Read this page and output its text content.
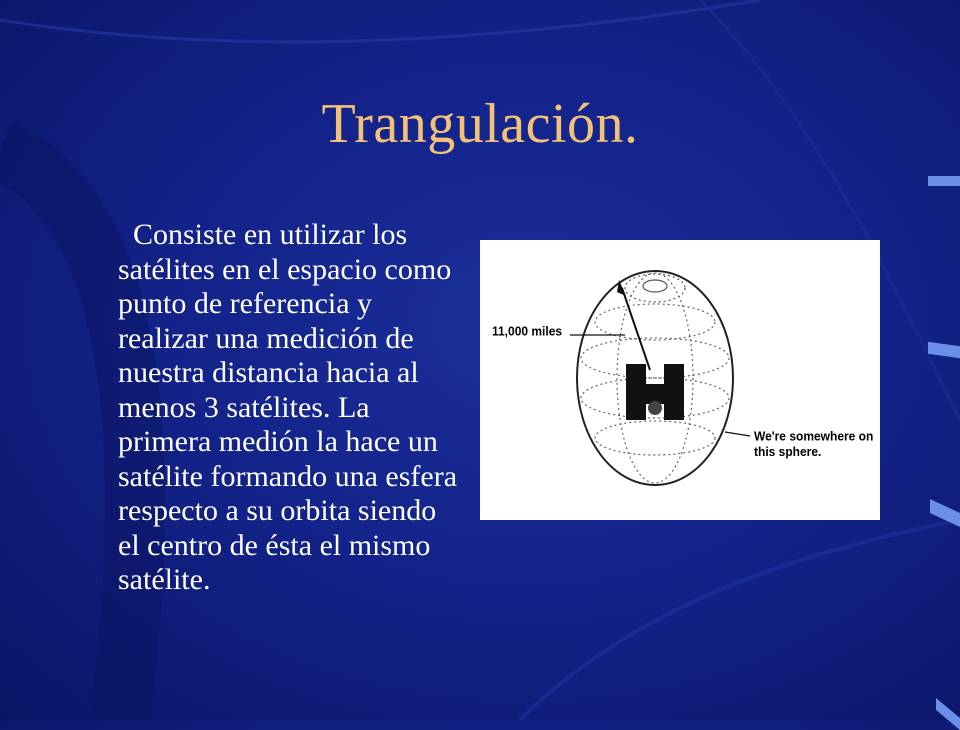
Trangulación.
Consiste en utilizar los satélites en el espacio como punto de referencia y realizar una medición de nuestra distancia hacia al menos 3 satélites. La primera medión la hace un satélite formando una esfera respecto a su orbita siendo el centro de ésta el mismo satélite.
11,000 miles
We're somewhere on this sphere.
